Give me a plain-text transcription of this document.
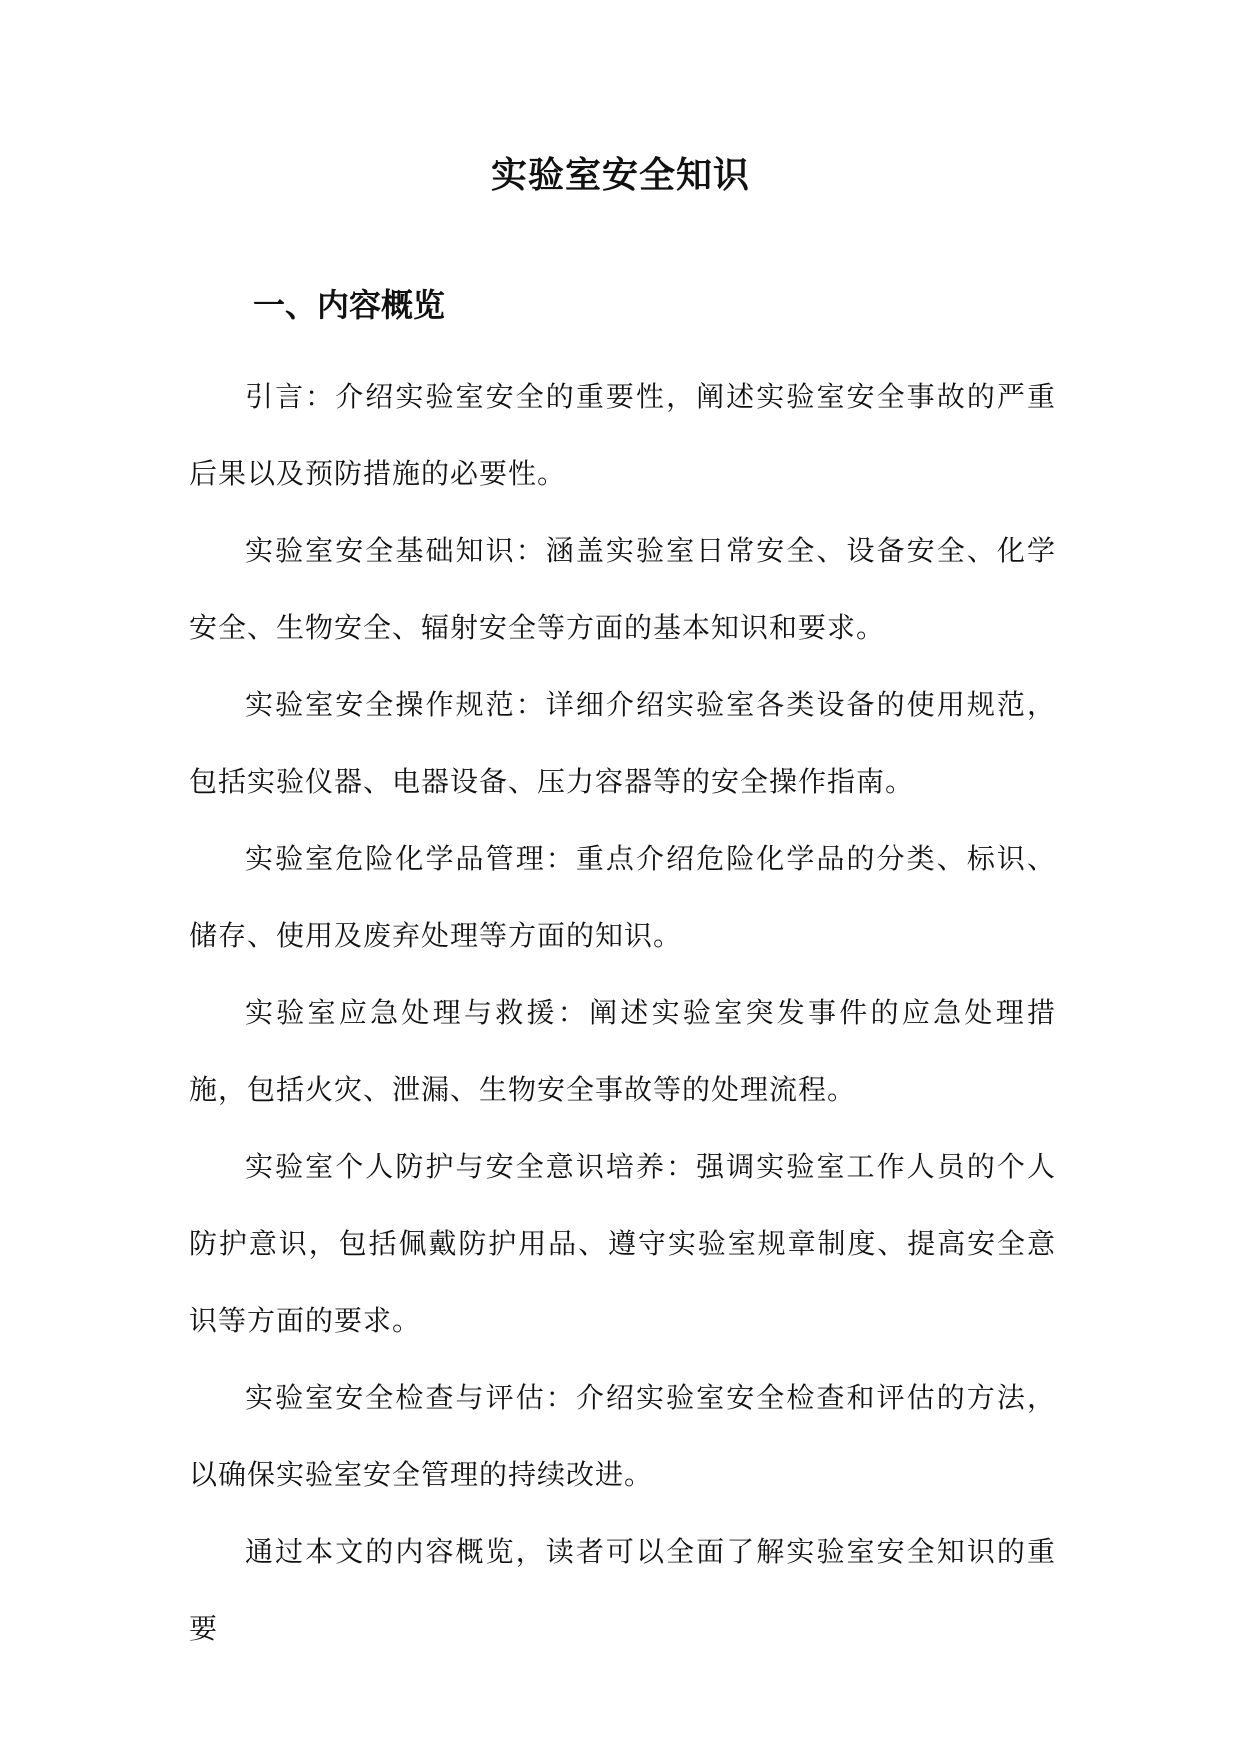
实验室安全知识
一、内容概览

引言：介绍实验室安全的重要性，阐述实验室安全事故的严重后果以及预防措施的必要性。

实验室安全基础知识：涵盖实验室日常安全、设备安全、化学安全、生物安全、辐射安全等方面的基本知识和要求。

实验室安全操作规范：详细介绍实验室各类设备的使用规范，包括实验仪器、电器设备、压力容器等的安全操作指南。

实验室危险化学品管理：重点介绍危险化学品的分类、标识、储存、使用及废弃处理等方面的知识。

实验室应急处理与救援：阐述实验室突发事件的应急处理措施，包括火灾、泄漏、生物安全事故等的处理流程。

实验室个人防护与安全意识培养：强调实验室工作人员的个人防护意识，包括佩戴防护用品、遵守实验室规章制度、提高安全意识等方面的要求。

实验室安全检查与评估：介绍实验室安全检查和评估的方法，以确保实验室安全管理的持续改进。

通过本文的内容概览，读者可以全面了解实验室安全知识的重要
